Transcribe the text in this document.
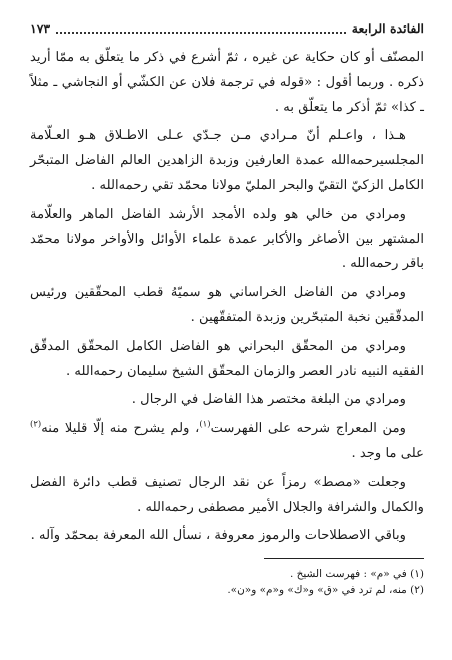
الفائدة الرابعة
١٧٣

المصنّف أو كان حكاية عن غيره ، ثمّ أشرع في ذكر ما يتعلّق به ممّا أريد ذكره . وربما أقول : «قوله في ترجمة فلان عن الكشّي أو النجاشي ـ مثلاً ـ كذا» ثمّ أذكر ما يتعلّق به .

هـذا ، واعـلم أنّ مـرادي مـن جـدّي عـلى الاطـلاق هـو العـلّامة المجلسيرحمه‌الله عمدة العارفين وزبدة الزاهدين العالم الفاضل المتبحّر الكامل الزكيّ التقيّ والبحر المليّ مولانا محمّد تقي رحمه‌الله .

ومرادي من خالي هو ولده الأمجد الأرشد الفاضل الماهر والعلّامة المشتهر بين الأصاغر والأكابر عمدة علماء الأوائل والأواخر مولانا محمّد باقر رحمه‌الله .

ومرادي من الفاضل الخراساني هو سميّهُ قطب المحقّقين ورئيس المدقّقين نخبة المتبحّرين وزبدة المتفقّهين .

ومرادي من المحقّق البحراني هو الفاضل الكامل المحقّق المدقّق الفقيه النبيه نادر العصر والزمان المحقّق الشيخ سليمان رحمه‌الله .

ومرادي من البلغة مختصر هذا الفاضل في الرجال .

ومن المعراج شرحه على الفهرست$^{(١)}$، ولم يشرح منه إلّا قليلا منه$^{(٢)}$ على ما وجد .

وجعلت «مصط» رمزاً عن نقد الرجال تصنيف قطب دائرة الفضل والكمال والشرافة والجلال الأمير مصطفى رحمه‌الله .

وباقي الاصطلاحات والرموز معروفة ، نسأل الله المعرفة بمحمّد وآله .

(١) في «م» : فهرست الشيخ .
(٢) منه، لم ترد في «ق» و«ك» و«م» و«ن».
